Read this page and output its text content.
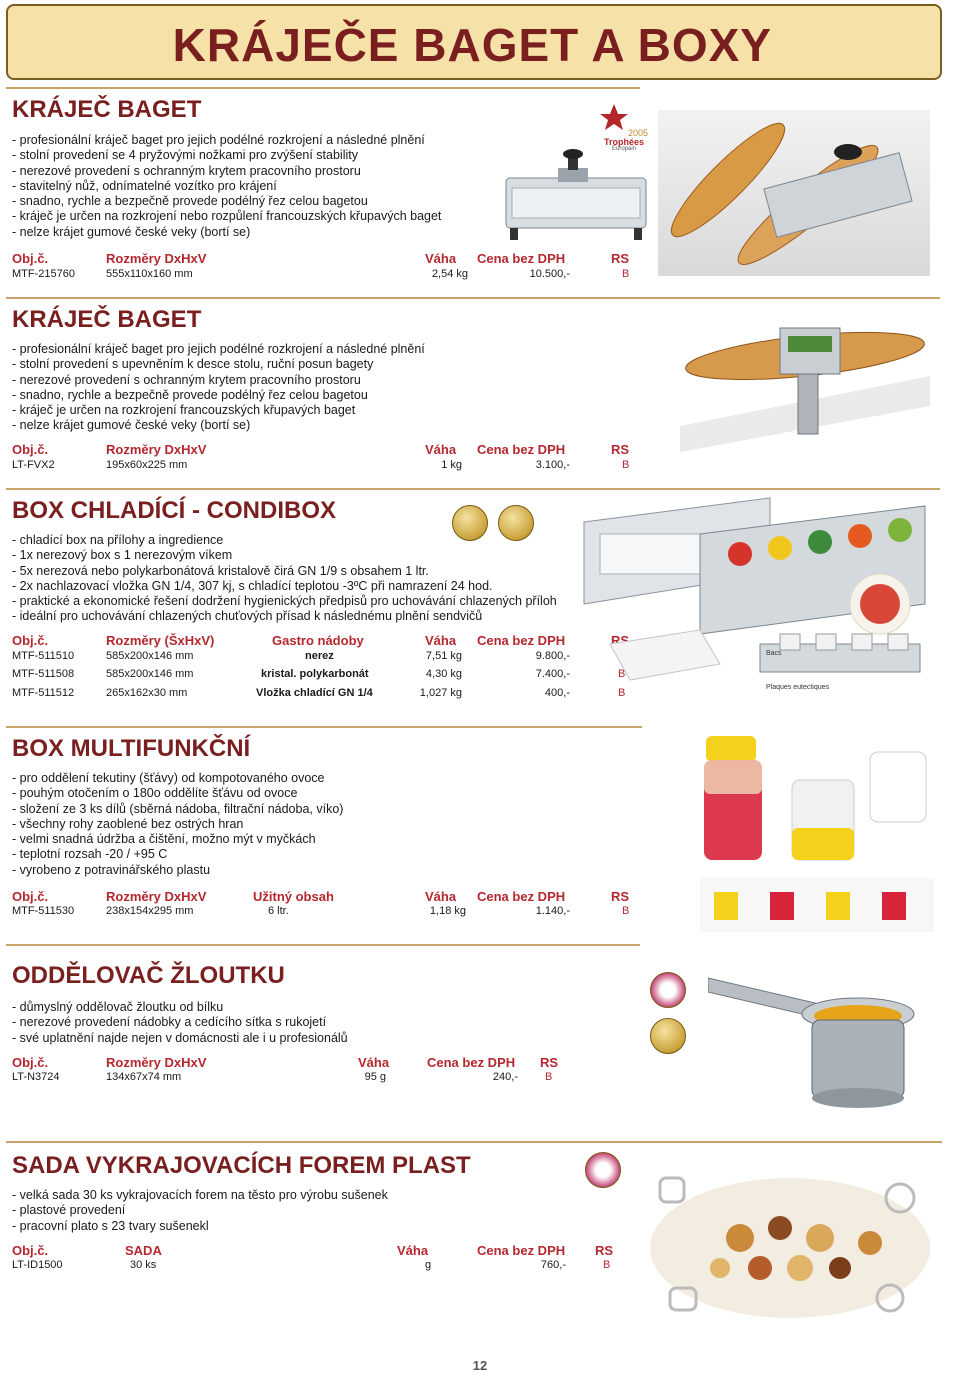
KRÁJEČE BAGET A BOXY
KRÁJEČ BAGET
- profesionální kráječ baget pro jejich podélné rozkrojení a následné plnění
- stolní provedení se 4 pryžovými nožkami pro zvýšení stability
- nerezové provedení s ochranným krytem pracovního prostoru
- stavitelný nůž, odnímatelné vozítko pro krájení
- snadno, rychle a bezpečně provede podélný řez celou bagetou
- kráječ je určen na rozkrojení nebo rozpůlení francouzských křupavých baget
- nelze krájet gumové české veky (bortí se)
Obj.č.	Rozměry DxHxV	Váha Cena bez DPH	RS
MTF-215760	555x110x160 mm	2,54 kg	10.500,-	B
2005
Trophées
Europain
KRÁJEČ BAGET
- profesionální kráječ baget pro jejich podélné rozkrojení a následné plnění
- stolní provedení s upevněním k desce stolu, ruční posun bagety
- nerezové provedení s ochranným krytem pracovního prostoru
- snadno, rychle a bezpečně provede podélný řez celou bagetou
- kráječ je určen na rozkrojení francouzských křupavých baget
- nelze krájet gumové české veky (bortí se)
Obj.č.	Rozměry DxHxV	Váha Cena bez DPH	RS
LT-FVX2	195x60x225 mm	1 kg	3.100,-	B
BOX CHLADÍCÍ - CONDIBOX
- chladící box na přílohy a ingredience
- 1x nerezový box s 1 nerezovým víkem
- 5x nerezová nebo polykarbonátová kristalově čirá GN 1/9 s obsahem 1 ltr.
- 2x nachlazovací vložka GN 1/4, 307 kj, s chladící teplotou -3ºC při namrazení 24 hod.
- praktické a ekonomické řešení dodržení hygienických předpisů pro uchovávání chlazených příloh
- ideální pro uchovávání chlazených chuťových přísad k následnému plnění sendvičů
Obj.č.	Rozměry (ŠxHxV)	Gastro nádoby	Váha Cena bez DPH	RS
MTF-511510	585x200x146 mm	nerez	7,51 kg	9.800,-
MTF-511508	585x200x146 mm	kristal. polykarbonát	4,30 kg	7.400,-	B
MTF-511512	265x162x30 mm	Vložka chladící GN 1/4	1,027 kg	400,-	B
Bacs
Plaques eutectiques
BOX MULTIFUNKČNÍ
- pro oddělení tekutiny (šťávy) od kompotovaného ovoce
- pouhým otočením o 180o oddělíte šťávu od ovoce
- složení ze 3 ks dílů (sběrná nádoba, filtrační nádoba, víko)
- všechny rohy zaoblené bez ostrých hran
- velmi snadná údržba a čištění, možno mýt v myčkách
- teplotní rozsah -20 / +95 C
- vyrobeno z potravinářského plastu
Obj.č.	Rozměry DxHxV	Užitný obsah	Váha Cena bez DPH	RS
MTF-511530	238x154x295 mm	6 ltr.	1,18 kg	1.140,-	B
ODDĚLOVAČ ŽLOUTKU
- důmyslný oddělovač žloutku od bílku
- nerezové provedení nádobky a cedícího sítka s rukojetí
- své uplatnění najde nejen v domácnosti ale i u profesionálů
Obj.č.	Rozměry DxHxV	Váha	Cena bez DPH RS
LT-N3724	134x67x74 mm	95 g	240,- B
SADA VYKRAJOVACÍCH FOREM PLAST
- velká sada 30 ks vykrajovacích forem na těsto pro výrobu sušenek
- plastové provedení
- pracovní plato s 23 tvary sušenekl
Obj.č.	SADA	Váha	Cena bez DPH RS
LT-ID1500	30 ks	g	760,-	B
12
